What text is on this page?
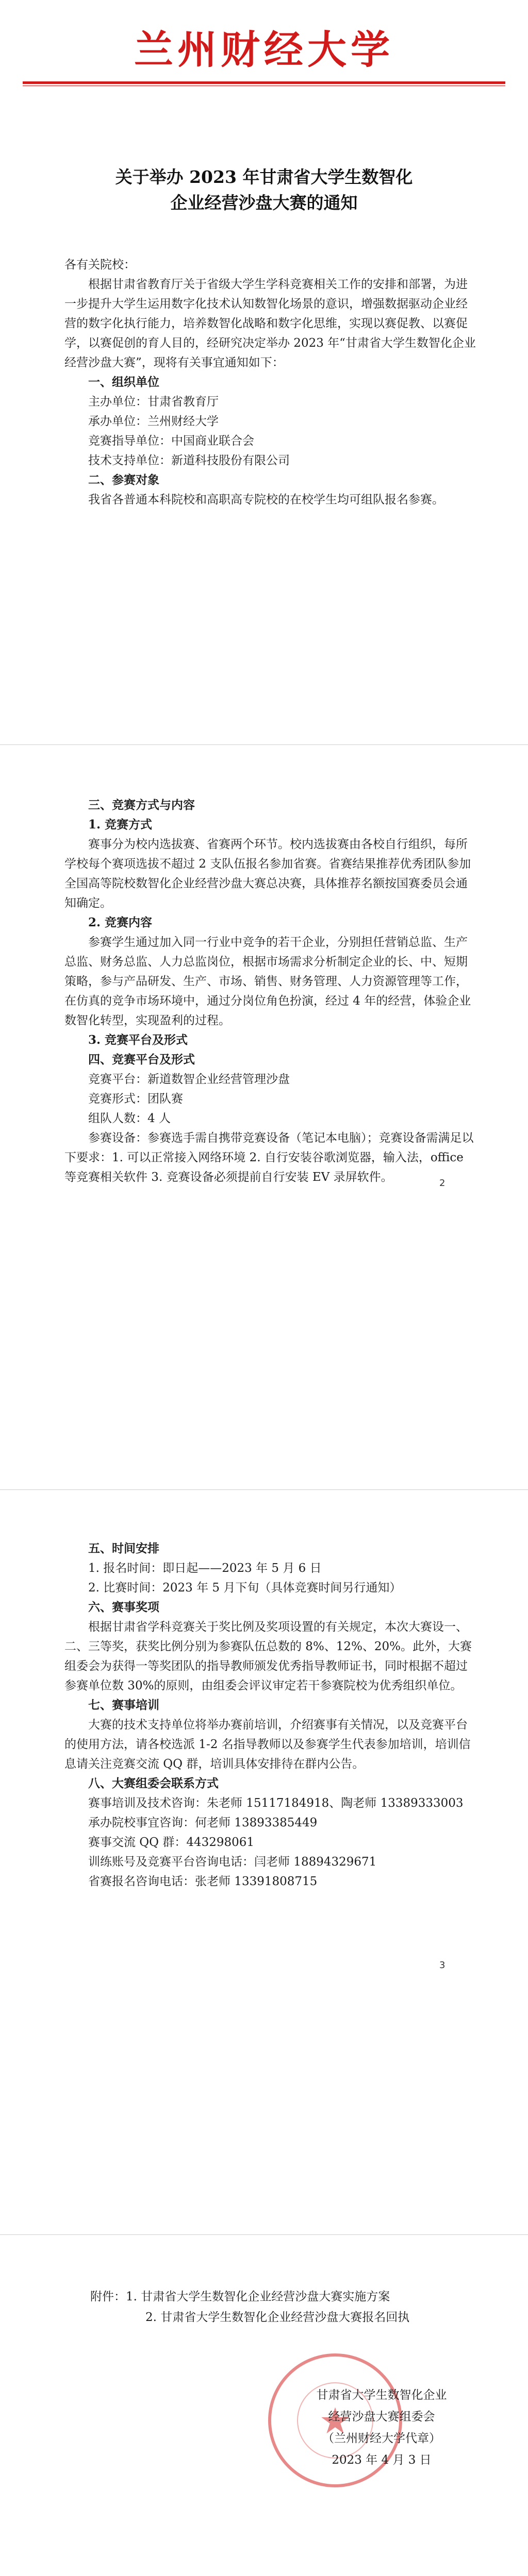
兰州财经大学
关于举办 2023 年甘肃省大学生数智化
企业经营沙盘大赛的通知

各有关院校：

根据甘肃省教育厅关于省级大学生学科竞赛相关工作的安排和部署，为进一步提升大学生运用数字化技术认知数智化场景的意识，增强数据驱动企业经营的数字化执行能力，培养数智化战略和数字化思维，实现以赛促教、以赛促学，以赛促创的育人目的，经研究决定举办 2023 年“甘肃省大学生数智化企业经营沙盘大赛”，现将有关事宜通知如下：

一、组织单位

主办单位：甘肃省教育厅

承办单位：兰州财经大学

竞赛指导单位：中国商业联合会

技术支持单位：新道科技股份有限公司

二、参赛对象

我省各普通本科院校和高职高专院校的在校学生均可组队报名参赛。

三、竞赛方式与内容

1. 竞赛方式

赛事分为校内选拔赛、省赛两个环节。校内选拔赛由各校自行组织，每所学校每个赛项选拔不超过 2 支队伍报名参加省赛。省赛结果推荐优秀团队参加全国高等院校数智化企业经营沙盘大赛总决赛，具体推荐名额按国赛委员会通知确定。

2. 竞赛内容

参赛学生通过加入同一行业中竞争的若干企业，分别担任营销总监、生产总监、财务总监、人力总监岗位，根据市场需求分析制定企业的长、中、短期策略，参与产品研发、生产、市场、销售、财务管理、人力资源管理等工作，在仿真的竞争市场环境中，通过分岗位角色扮演，经过 4 年的经营，体验企业数智化转型，实现盈利的过程。

3. 竞赛平台及形式

四、竞赛平台及形式

竞赛平台：新道数智企业经营管理沙盘

竞赛形式：团队赛

组队人数：4 人

参赛设备：参赛选手需自携带竞赛设备（笔记本电脑）；竞赛设备需满足以下要求：1. 可以正常接入网络环境 2. 自行安装谷歌浏览器，输入法，office 等竞赛相关软件 3. 竞赛设备必须提前自行安装 EV 录屏软件。	2

五、时间安排

1. 报名时间：即日起——2023 年 5 月 6 日

2. 比赛时间：2023 年 5 月下旬（具体竞赛时间另行通知）

六、赛事奖项

根据甘肃省学科竞赛关于奖比例及奖项设置的有关规定，本次大赛设一、二、三等奖，获奖比例分别为参赛队伍总数的 8%、12%、20%。此外，大赛组委会为获得一等奖团队的指导教师颁发优秀指导教师证书，同时根据不超过参赛单位数 30%的原则，由组委会评议审定若干参赛院校为优秀组织单位。

七、赛事培训

大赛的技术支持单位将举办赛前培训，介绍赛事有关情况，以及竞赛平台的使用方法，请各校选派 1-2 名指导教师以及参赛学生代表参加培训，培训信息请关注竞赛交流 QQ 群，培训具体安排待在群内公告。

八、大赛组委会联系方式

赛事培训及技术咨询：朱老师 15117184918、陶老师 13389333003

承办院校事宜咨询：何老师 13893385449

赛事交流 QQ 群：443298061

训练账号及竞赛平台咨询电话：闫老师 18894329671

省赛报名咨询电话：张老师 13391808715

3

附件：1. 甘肃省大学生数智化企业经营沙盘大赛实施方案

2. 甘肃省大学生数智化企业经营沙盘大赛报名回执

★

甘肃省大学生数智化企业

经营沙盘大赛组委会

（兰州财经大学代章）

2023 年 4 月 3 日
